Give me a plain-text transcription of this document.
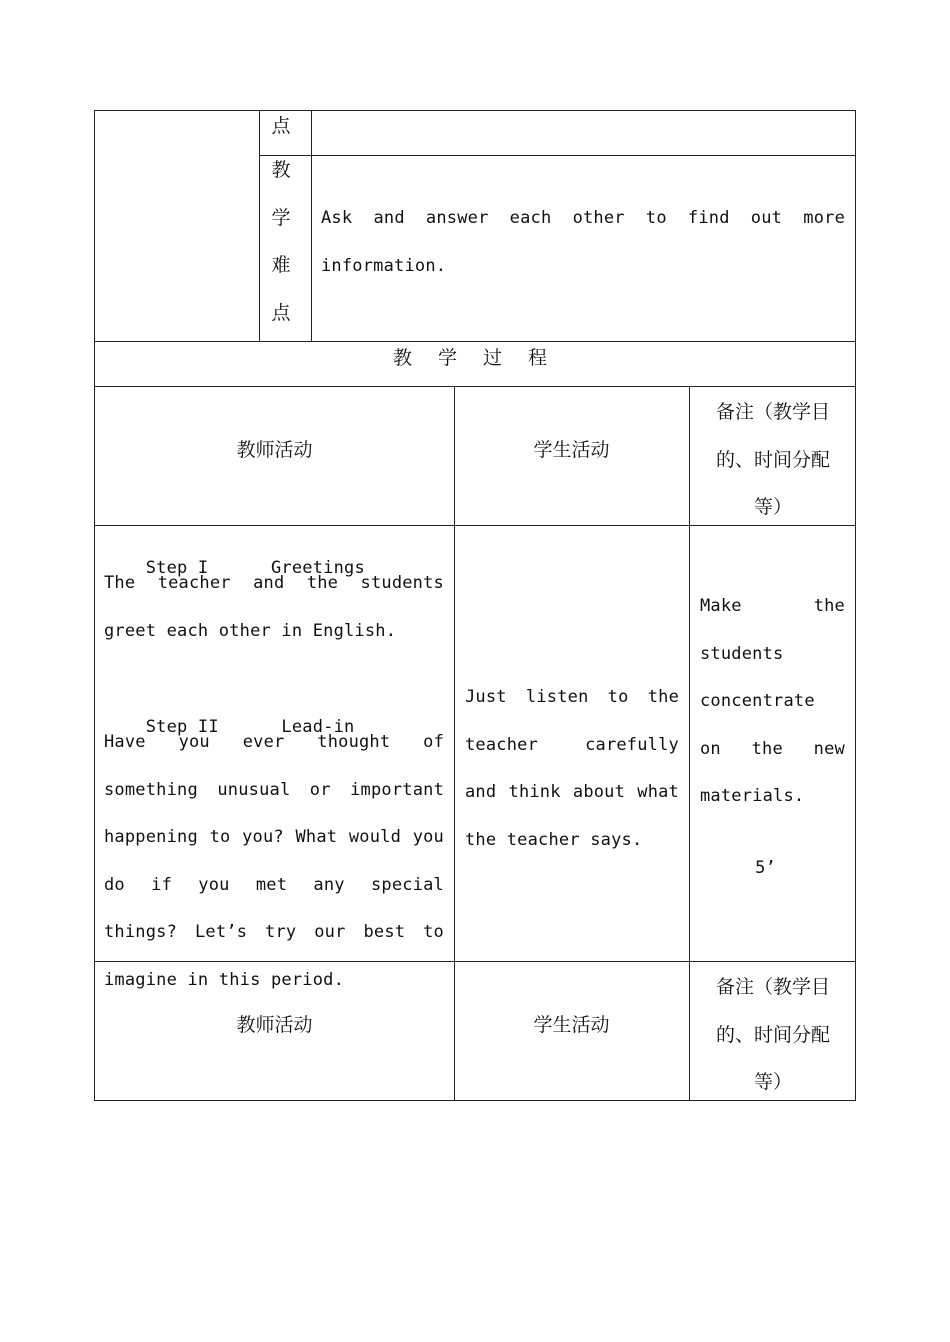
点
教
学
难
点
Ask and answer each other to find out more information.
教 学 过 程
教师活动	学生活动
备注（教学目的、时间分配等）

Step I      Greetings

The teacher and the students greet each other in English.

Step II      Lead-in

Have you ever thought of something unusual or important happening to you? What would you do if you met any special things? Let’s try our best to imagine in this period.
Just listen to the teacher carefully and think about what the teacher says.
Make the students concentrate on the new materials.
5’
教师活动	学生活动
备注（教学目的、时间分配等）
